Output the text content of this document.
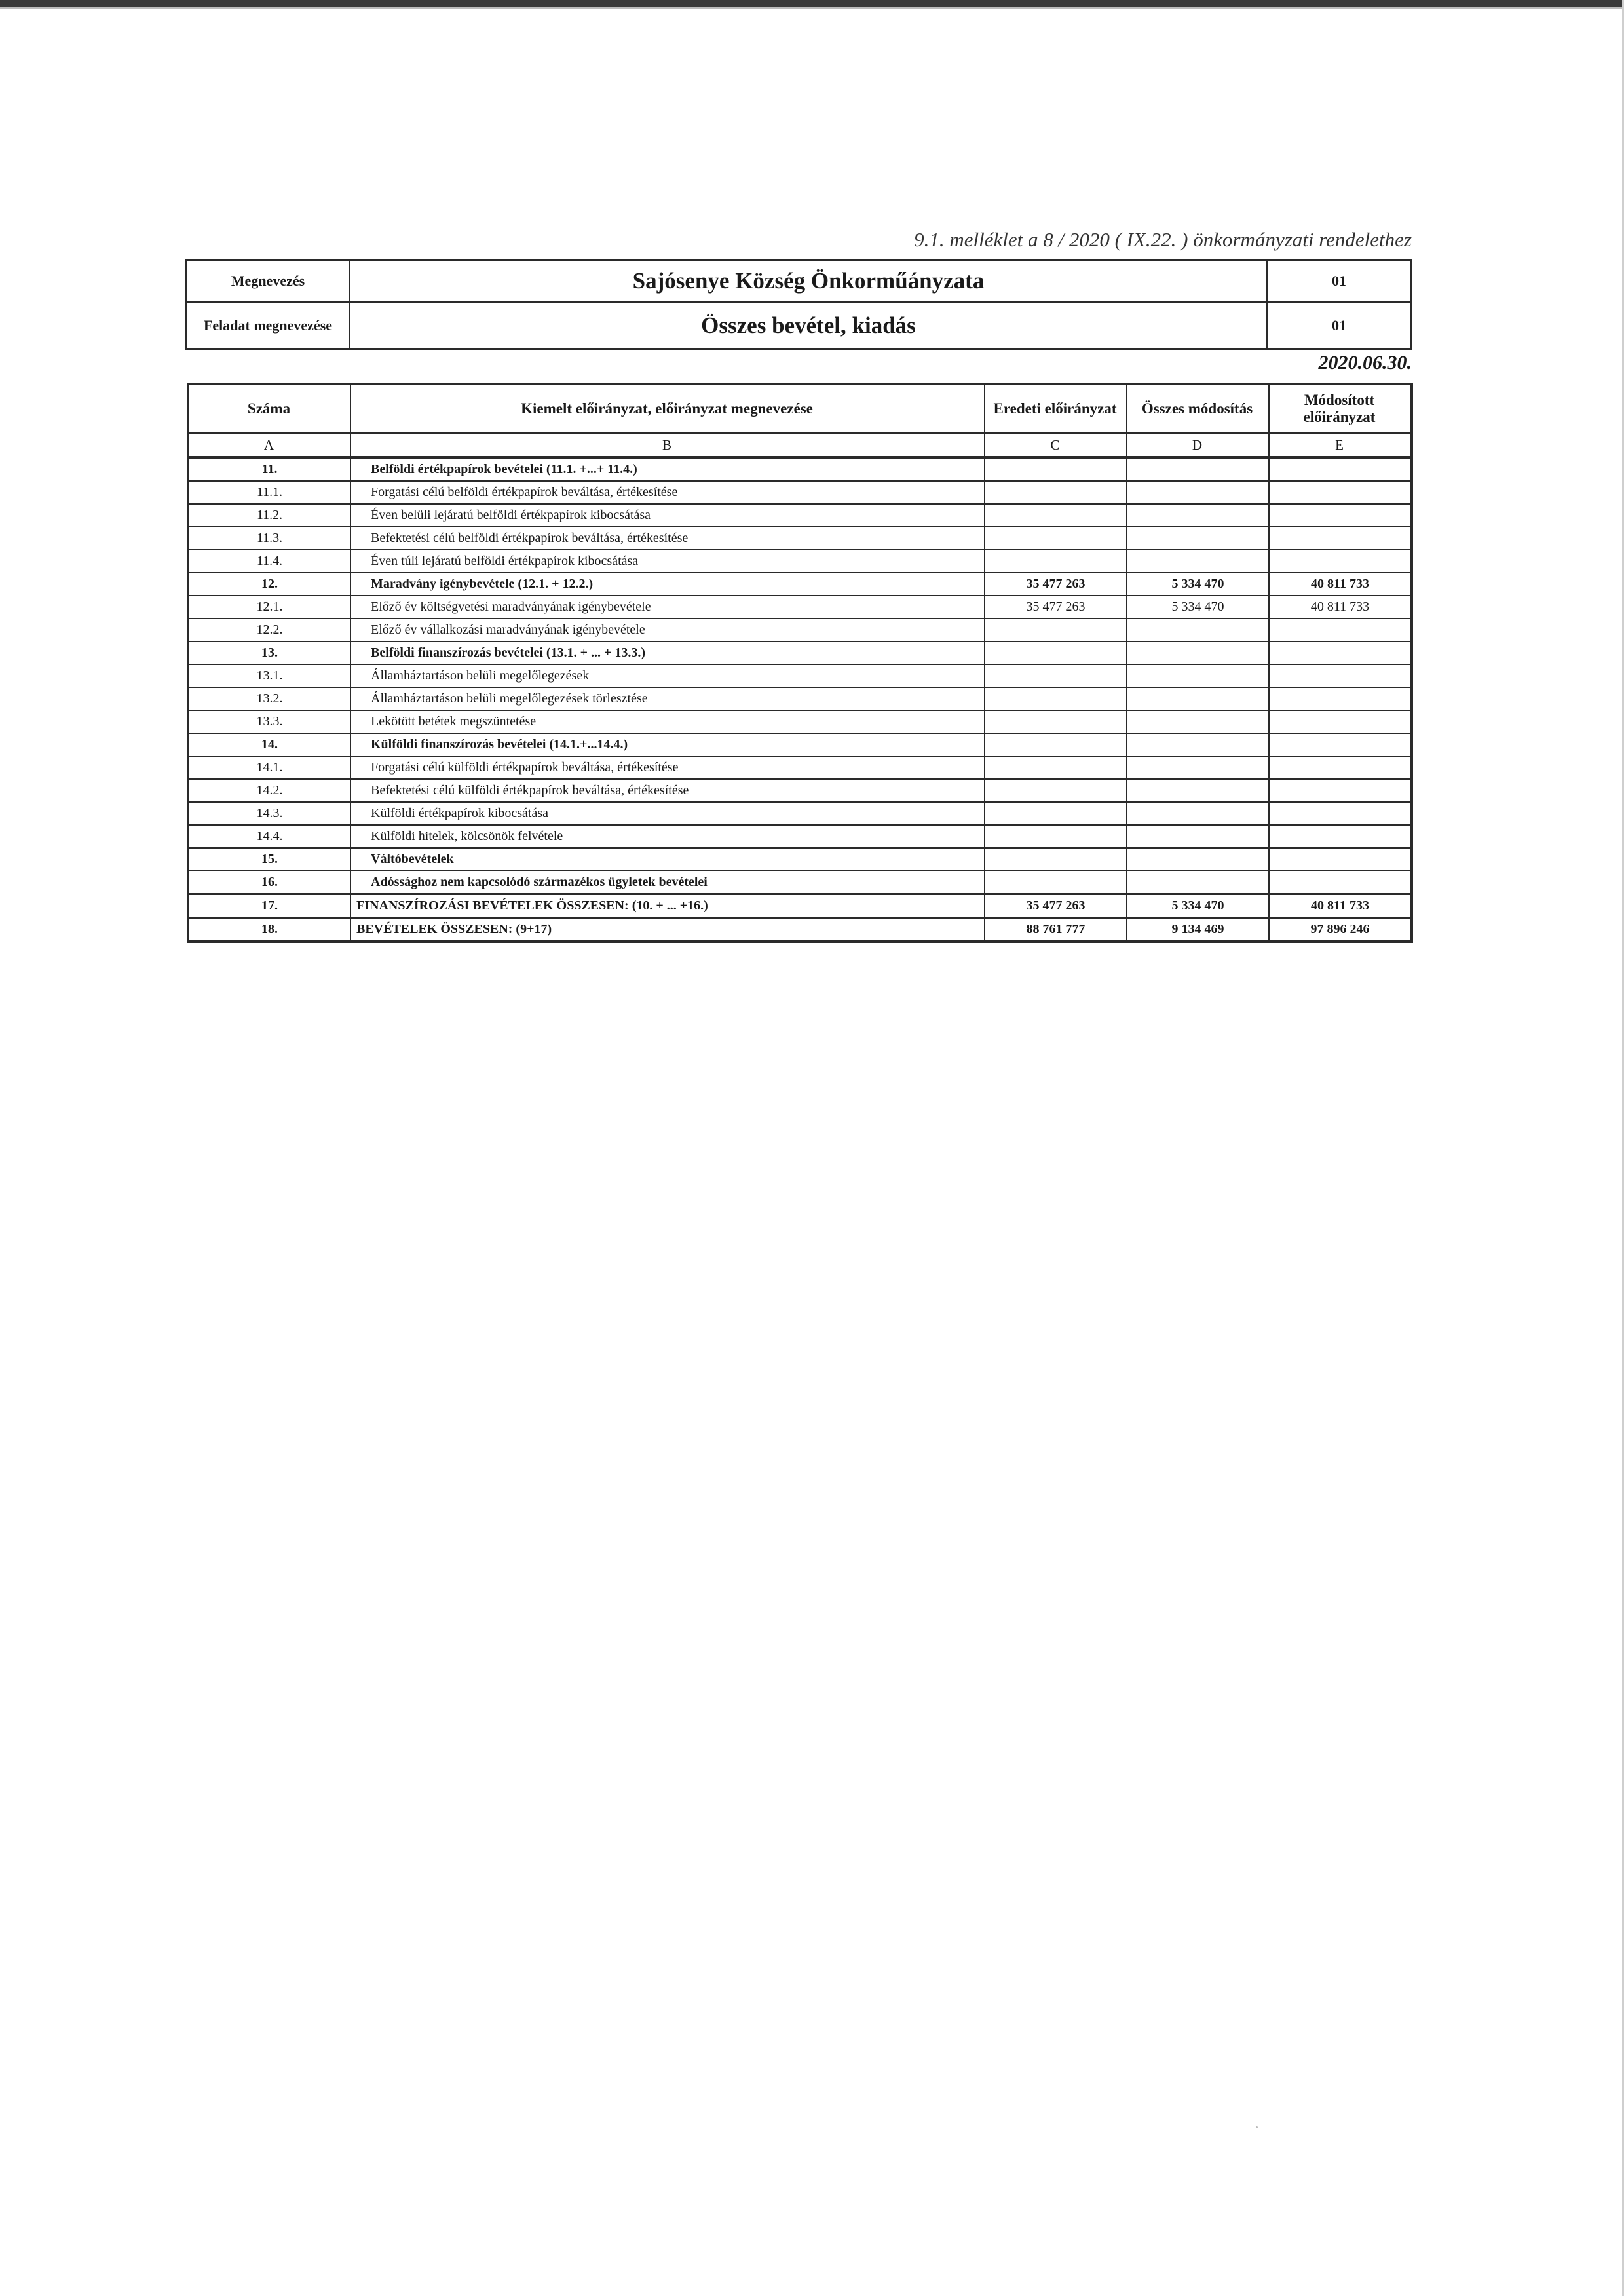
9.1. melléklet a 8 / 2020 ( IX.22. ) önkormányzati rendelethez
Megnevezés	Sajósenye Község Önkorműányzata	01
Feladat megnevezése	Összes bevétel, kiadás	01
2020.06.30.
Száma	Kiemelt előirányzat, előirányzat megnevezése	Eredeti előirányzat	Összes módosítás	Módosított előirányzat
A	B	C	D	E
11.	Belföldi értékpapírok bevételei (11.1. +...+ 11.4.)			
11.1.	Forgatási célú belföldi értékpapírok beváltása, értékesítése			
11.2.	Éven belüli lejáratú belföldi értékpapírok kibocsátása			
11.3.	Befektetési célú belföldi értékpapírok beváltása, értékesítése			
11.4.	Éven túli lejáratú belföldi értékpapírok kibocsátása			
12.	Maradvány igénybevétele (12.1. + 12.2.)	35 477 263	5 334 470	40 811 733
12.1.	Előző év költségvetési maradványának igénybevétele	35 477 263	5 334 470	40 811 733
12.2.	Előző év vállalkozási maradványának igénybevétele			
13.	Belföldi finanszírozás bevételei (13.1. + ... + 13.3.)			
13.1.	Államháztartáson belüli megelőlegezések			
13.2.	Államháztartáson belüli megelőlegezések törlesztése			
13.3.	Lekötött betétek megszüntetése			
14.	Külföldi finanszírozás bevételei (14.1.+...14.4.)			
14.1.	Forgatási célú külföldi értékpapírok beváltása, értékesítése			
14.2.	Befektetési célú külföldi értékpapírok beváltása, értékesítése			
14.3.	Külföldi értékpapírok kibocsátása			
14.4.	Külföldi hitelek, kölcsönök felvétele			
15.	Váltóbevételek			
16.	Adóssághoz nem kapcsolódó származékos ügyletek bevételei			
17.	FINANSZÍROZÁSI BEVÉTELEK ÖSSZESEN: (10. + ... +16.)	35 477 263	5 334 470	40 811 733
18.	BEVÉTELEK ÖSSZESEN: (9+17)	88 761 777	9 134 469	97 896 246
